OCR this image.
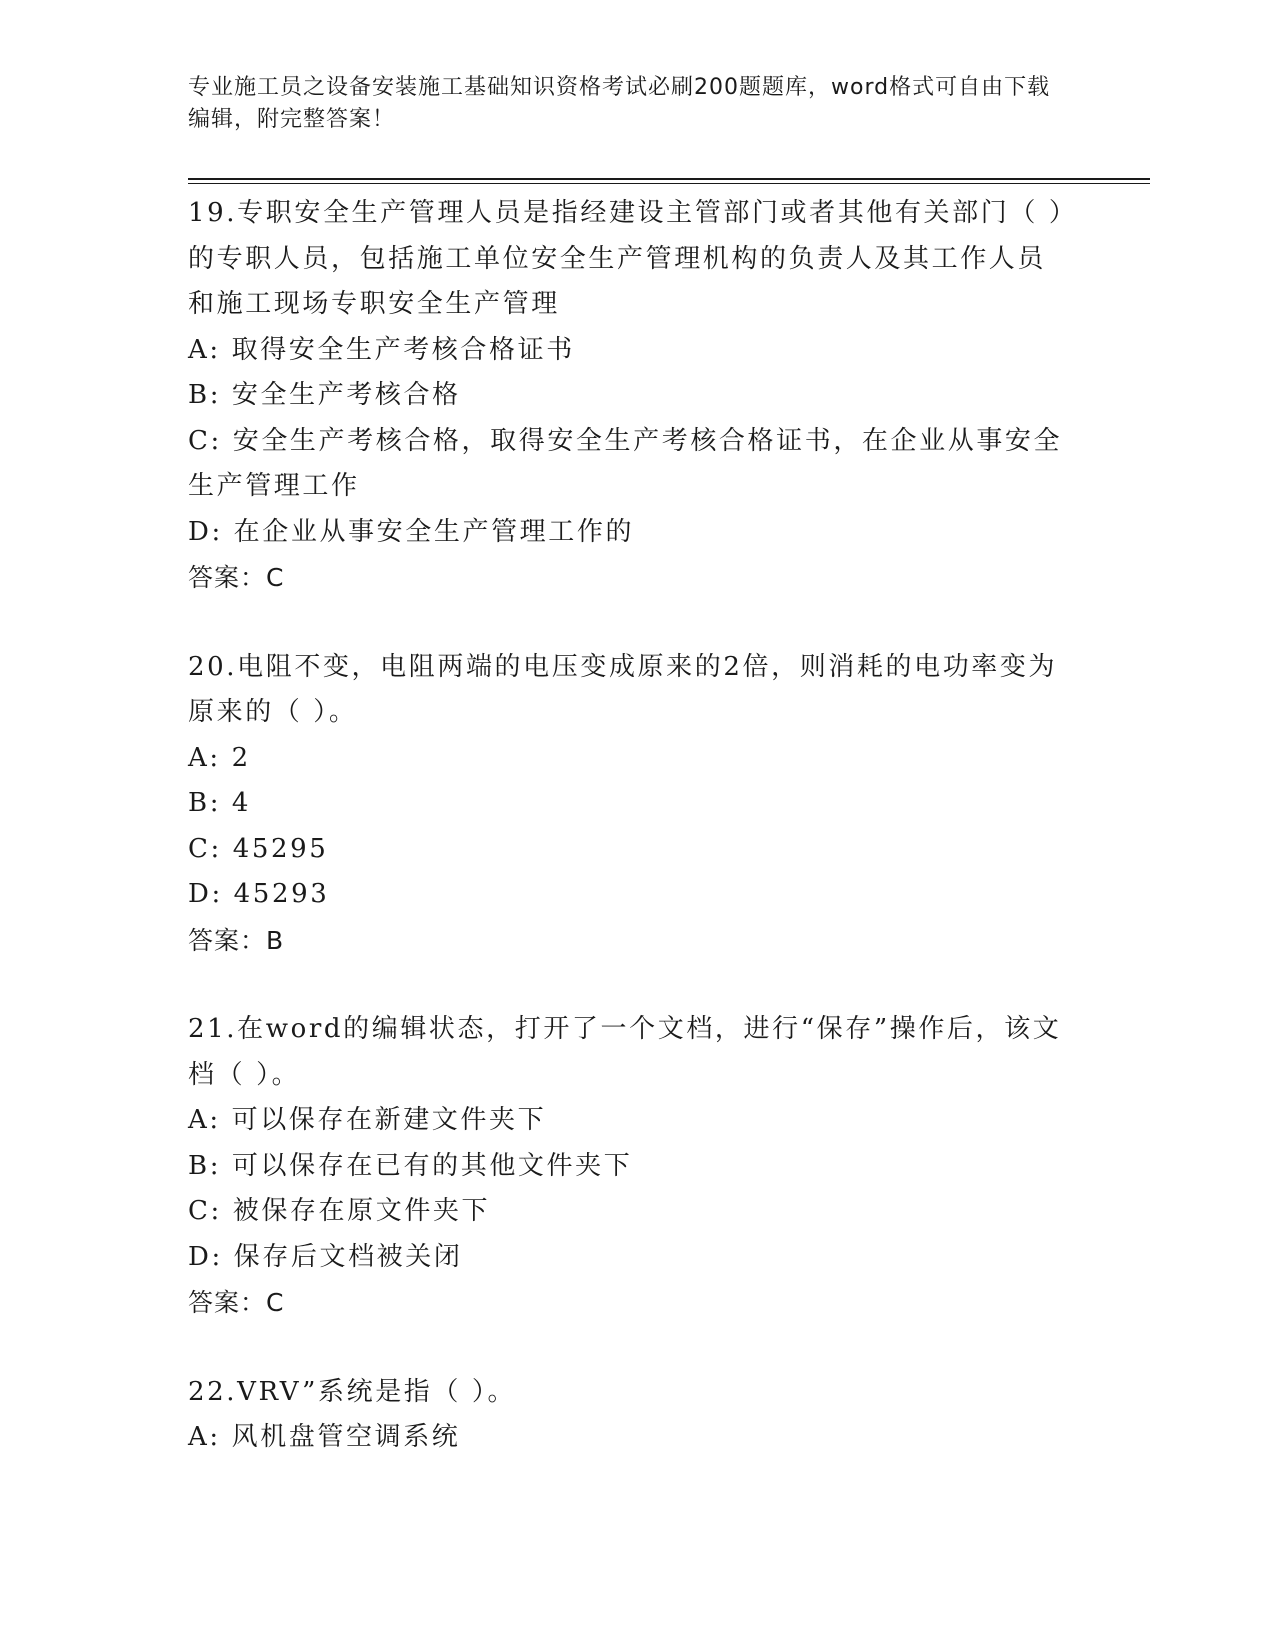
专业施工员之设备安装施工基础知识资格考试必刷200题题库，word格式可自由下载编辑，附完整答案！

19.专职安全生产管理人员是指经建设主管部门或者其他有关部门（ ）的专职人员，包括施工单位安全生产管理机构的负责人及其工作人员和施工现场专职安全生产管理

A: 取得安全生产考核合格证书

B: 安全生产考核合格

C: 安全生产考核合格，取得安全生产考核合格证书，在企业从事安全生产管理工作

D: 在企业从事安全生产管理工作的

答案：C

20.电阻不变，电阻两端的电压变成原来的2倍，则消耗的电功率变为原来的（ ）。

A: 2

B: 4

C: 45295

D: 45293

答案：B

21.在word的编辑状态，打开了一个文档，进行“保存”操作后，该文档（ ）。

A: 可以保存在新建文件夹下

B: 可以保存在已有的其他文件夹下

C: 被保存在原文件夹下

D: 保存后文档被关闭

答案：C

22.VRV”系统是指（ ）。

A: 风机盘管空调系统
